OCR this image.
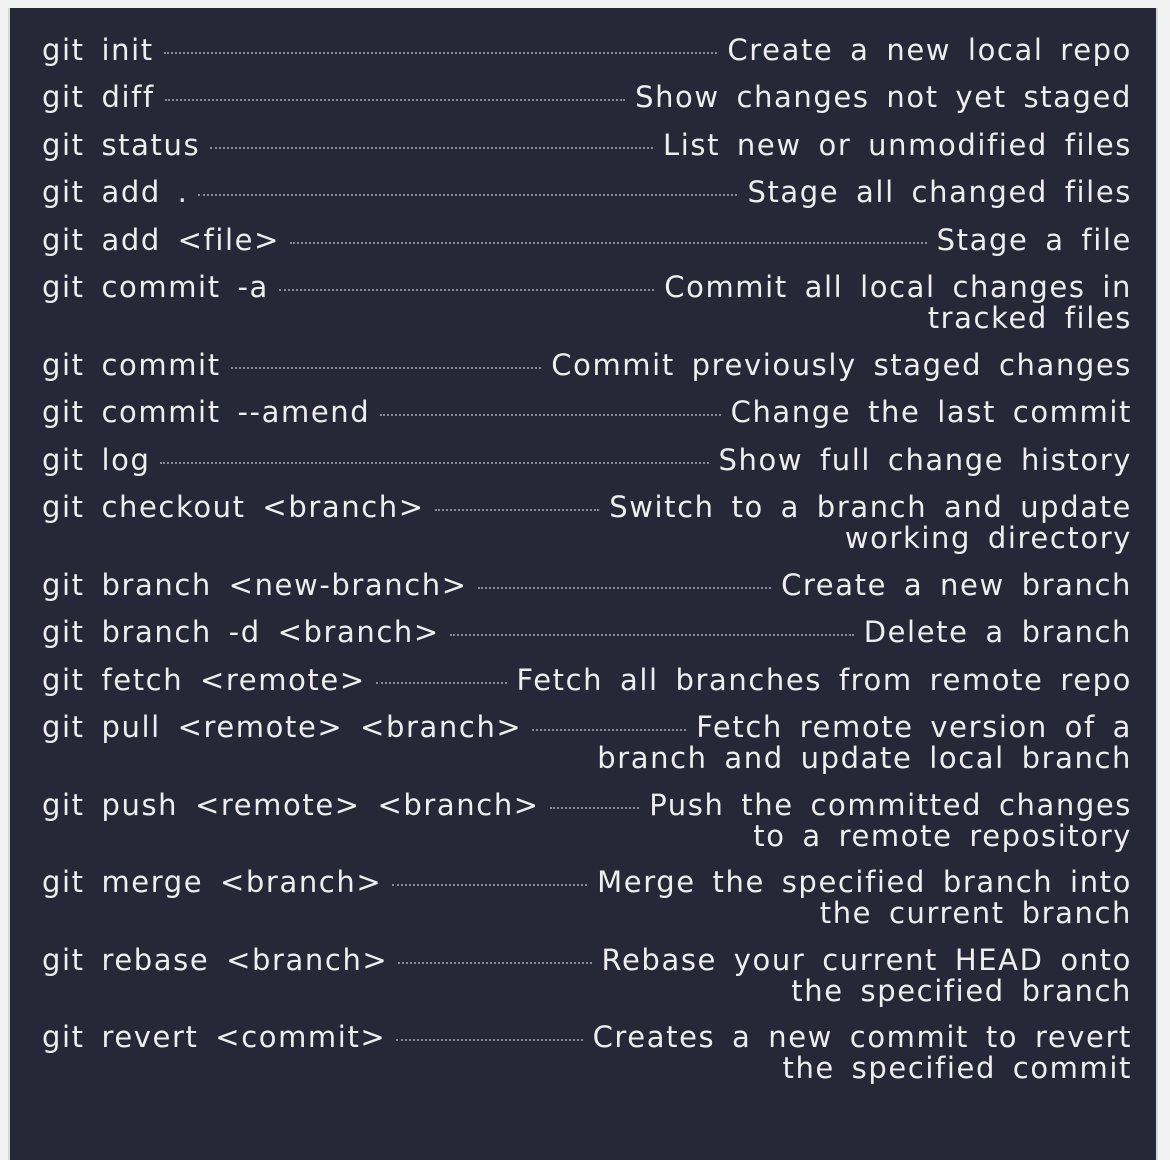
git init	Create a new local repo
git diff	Show changes not yet staged
git status	List new or unmodified files
git add .	Stage all changed files
git add <file>	Stage a file
git commit -a	Commit all local changes in
tracked files
git commit	Commit previously staged changes
git commit --amend	Change the last commit
git log	Show full change history
git checkout <branch>	Switch to a branch and update
working directory
git branch <new-branch>	Create a new branch
git branch -d <branch>	Delete a branch
git fetch <remote>	Fetch all branches from remote repo
git pull <remote> <branch>	Fetch remote version of a
branch and update local branch
git push <remote> <branch>	Push the committed changes
to a remote repository
git merge <branch>	Merge the specified branch into
the current branch
git rebase <branch>	Rebase your current HEAD onto
the specified branch
git revert <commit>	Creates a new commit to revert
the specified commit
